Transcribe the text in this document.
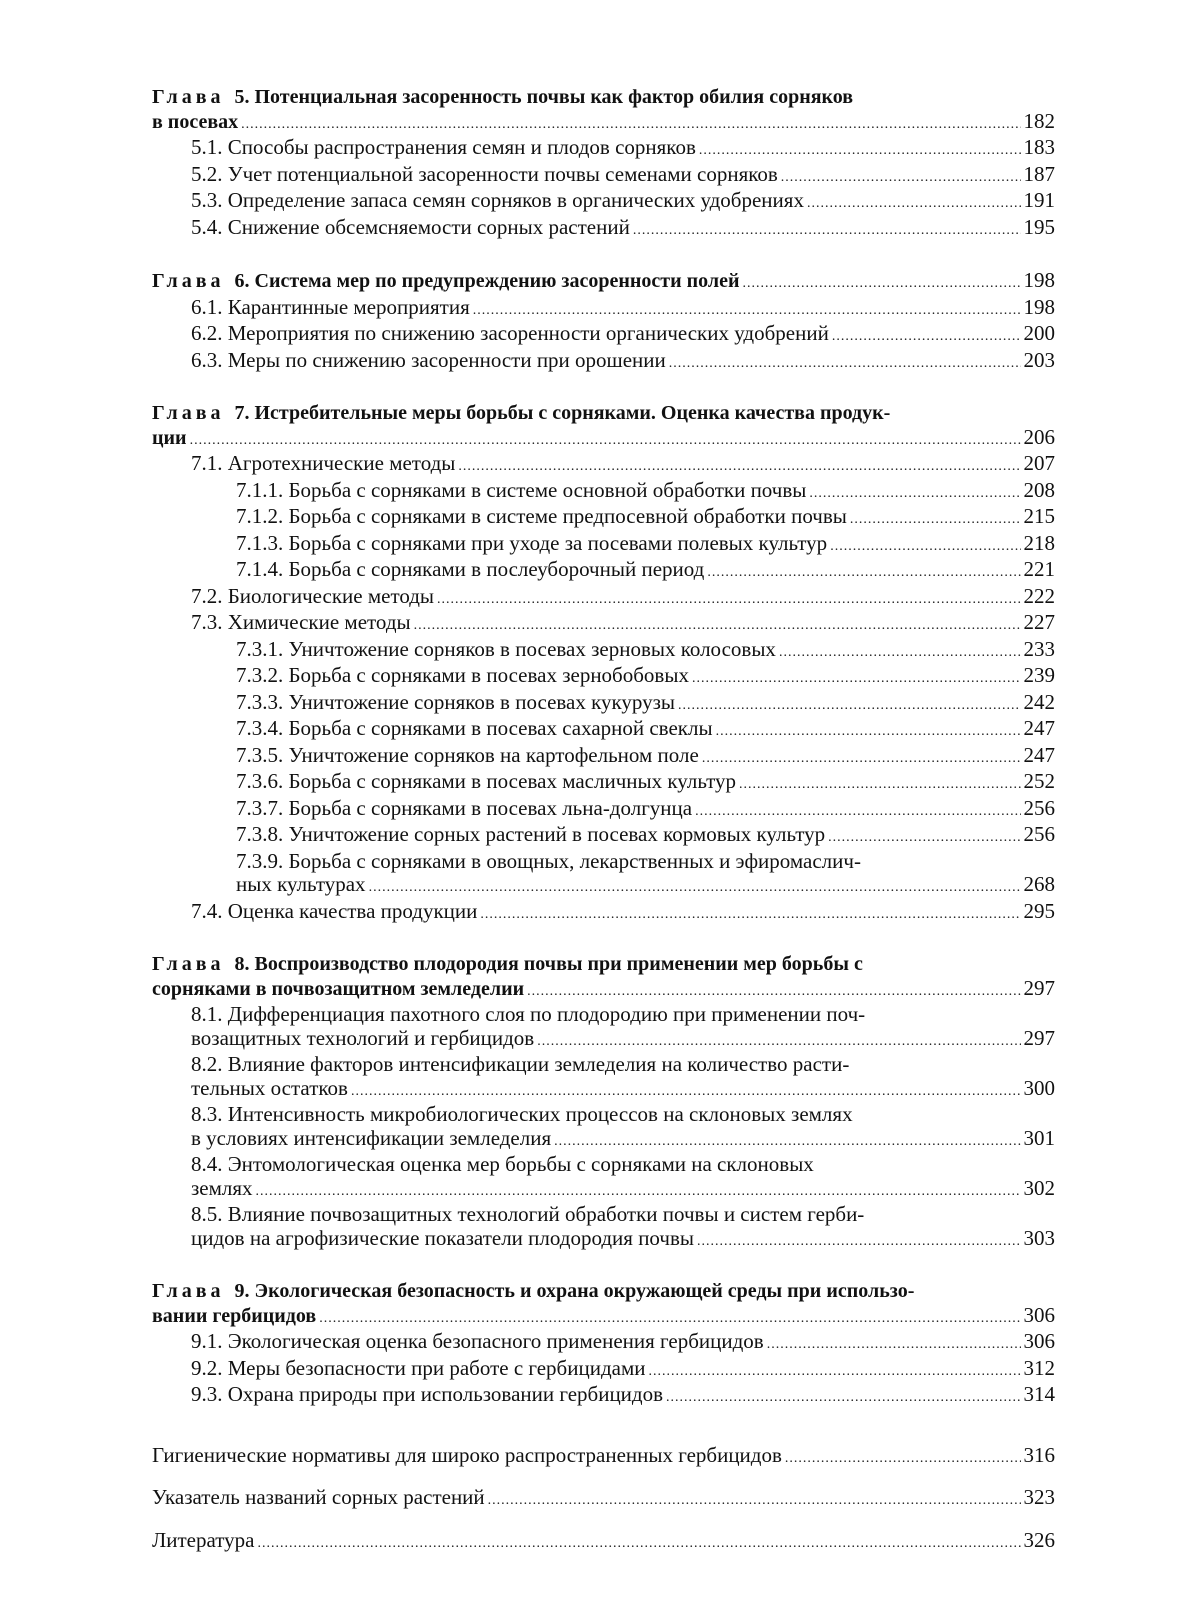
Глава 5. Потенциальная засоренность почвы как фактор обилия сорняков
в посевах .....	182
5.1. Способы распространения семян и плодов сорняков .....	183
5.2. Учет потенциальной засоренности почвы семенами сорняков .....	187
5.3. Определение запаса семян сорняков в органических удобрениях .....	191
5.4. Снижение обсемсняемости сорных растений .....	195
Глава 6. Система мер по предупреждению засоренности полей .....	198
6.1. Карантинные мероприятия .....	198
6.2. Мероприятия по снижению засоренности органических удобрений .....	200
6.3. Меры по снижению засоренности при орошении .....	203
Глава 7. Истребительные меры борьбы с сорняками. Оценка качества продук-
ции .....	206
7.1. Агротехнические методы .....	207
7.1.1. Борьба с сорняками в системе основной обработки почвы .....	208
7.1.2. Борьба с сорняками в системе предпосевной обработки почвы .....	215
7.1.3. Борьба с сорняками при уходе за посевами полевых культур .....	218
7.1.4. Борьба с сорняками в послеуборочный период .....	221
7.2. Биологические методы .....	222
7.3. Химические методы .....	227
7.3.1. Уничтожение сорняков в посевах зерновых колосовых .....	233
7.3.2. Борьба с сорняками в посевах зернобобовых .....	239
7.3.3. Уничтожение сорняков в посевах кукурузы .....	242
7.3.4. Борьба с сорняками в посевах сахарной свеклы .....	247
7.3.5. Уничтожение сорняков на картофельном поле .....	247
7.3.6. Борьба с сорняками в посевах масличных культур .....	252
7.3.7. Борьба с сорняками в посевах льна-долгунца .....	256
7.3.8. Уничтожение сорных растений в посевах кормовых культур .....	256
7.3.9. Борьба с сорняками в овощных, лекарственных и эфиромаслич-
ных культурах .....	268
7.4. Оценка качества продукции .....	295
Глава 8. Воспроизводство плодородия почвы при применении мер борьбы с
сорняками в почвозащитном земледелии .....	297
8.1. Дифференциация пахотного слоя по плодородию при применении поч-
возащитных технологий и гербицидов .....	297
8.2. Влияние факторов интенсификации земледелия на количество расти-
тельных остатков .....	300
8.3. Интенсивность микробиологических процессов на склоновых землях
в условиях интенсификации земледелия .....	301
8.4. Энтомологическая оценка мер борьбы с сорняками на склоновых
землях .....	302
8.5. Влияние почвозащитных технологий обработки почвы и систем герби-
цидов на агрофизические показатели плодородия почвы .....	303
Глава 9. Экологическая безопасность и охрана окружающей среды при использо-
вании гербицидов .....	306
9.1. Экологическая оценка безопасного применения гербицидов .....	306
9.2. Меры безопасности при работе с гербицидами .....	312
9.3. Охрана природы при использовании гербицидов .....	314
Гигиенические нормативы для широко распространенных гербицидов .....	316
Указатель названий сорных растений .....	323
Литература .....	326
